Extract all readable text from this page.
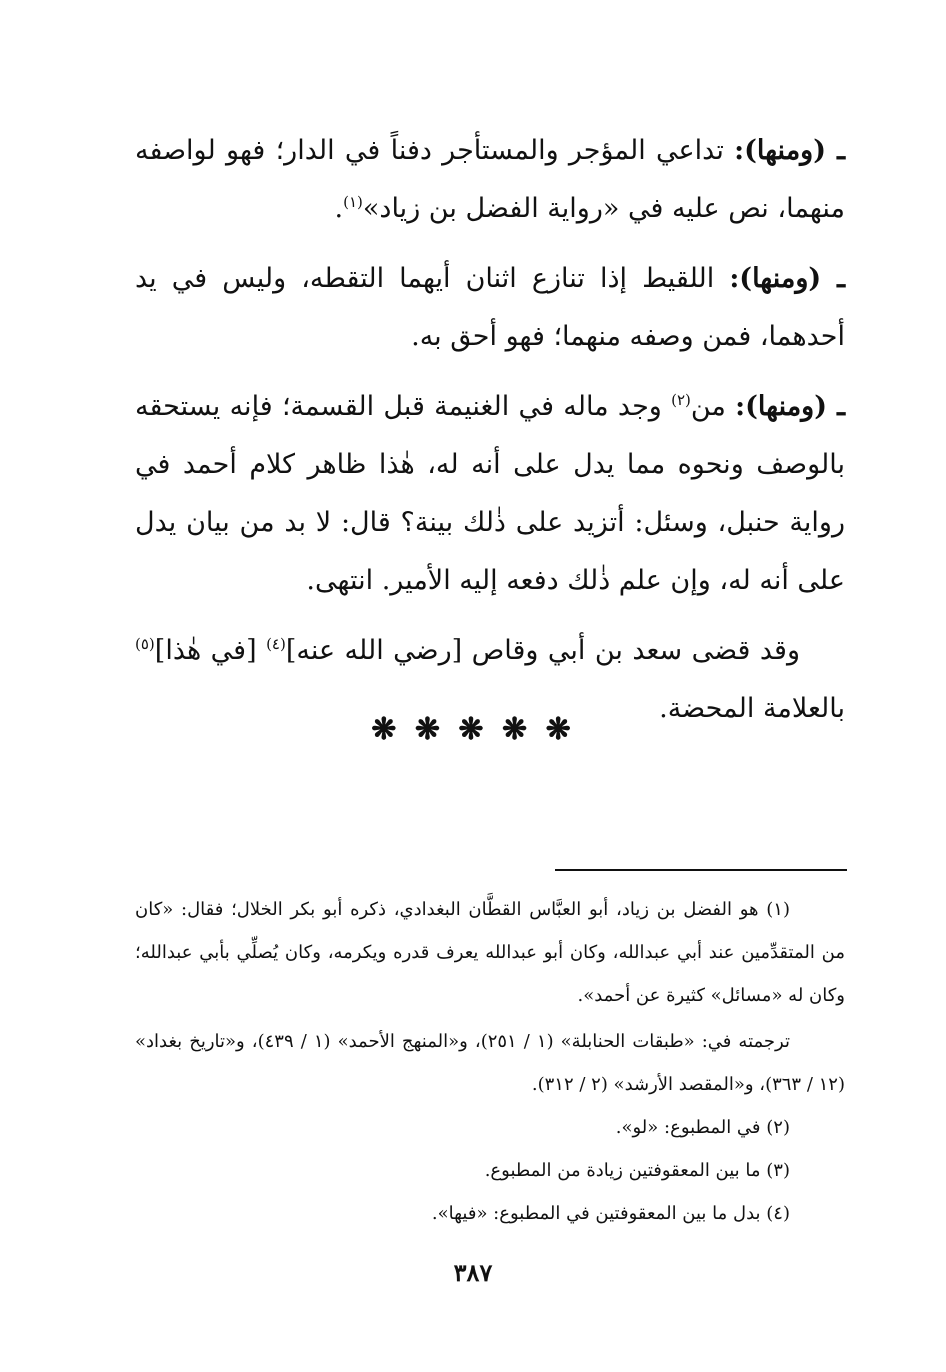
ـ (ومنها): تداعي المؤجر والمستأجر دفناً في الدار؛ فهو لواصفه منهما، نص عليه في «رواية الفضل بن زياد»$^{(١)}$.

ـ (ومنها): اللقيط إذا تنازع اثنان أيهما التقطه، وليس في يد أحدهما، فمن وصفه منهما؛ فهو أحق به.

ـ (ومنها): من$^{(٢)}$ وجد ماله في الغنيمة قبل القسمة؛ فإنه يستحقه بالوصف ونحوه مما يدل على أنه له، هٰذا ظاهر كلام أحمد في رواية حنبل، وسئل: أتزيد على ذٰلك بينة؟ قال: لا بد من بيان يدل على أنه له، وإن علم ذٰلك دفعه إليه الأمير. انتهى.

وقد قضى سعد بن أبي وقاص [رضي الله عنه]$^{(٤)}$ [في هٰذا]$^{(٥)}$ بالعلامة المحضة.

❋ ❋ ❋ ❋ ❋

(١) هو الفضل بن زياد، أبو العبَّاس القطَّان البغدادي، ذكره أبو بكر الخلال؛ فقال: «كان من المتقدِّمين عند أبي عبدالله، وكان أبو عبدالله يعرف قدره ويكرمه، وكان يُصلِّي بأبي عبدالله؛ وكان له «مسائل» كثيرة عن أحمد».

ترجمته في: «طبقات الحنابلة» (١ / ٢٥١)، و«المنهج الأحمد» (١ / ٤٣٩)، و«تاريخ بغداد» (١٢ / ٣٦٣)، و«المقصد الأرشد» (٢ / ٣١٢).

(٢) في المطبوع: «لو».

(٣) ما بين المعقوفتين زيادة من المطبوع.

(٤) بدل ما بين المعقوفتين في المطبوع: «فيها».

٣٨٧
